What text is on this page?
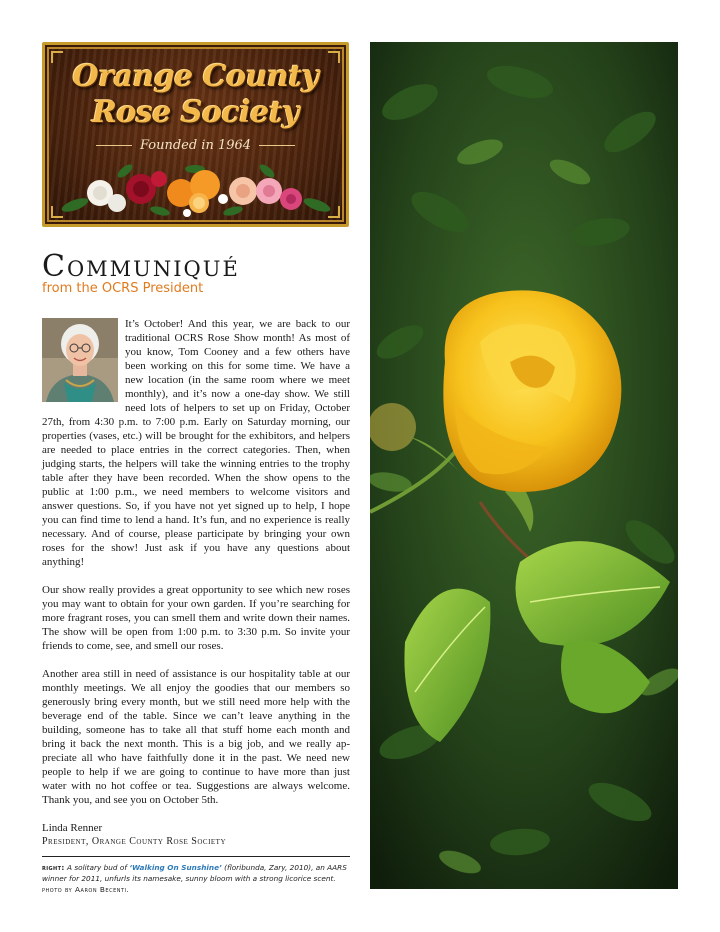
Orange County
Rose Society
Founded in 1964
Communiqué
from the OCRS President

It’s October! And this year, we are back to our traditional OCRS Rose Show month! As most of you know, Tom Cooney and a few others have been working on this for some time. We have a new location (in the same room where we meet monthly), and it’s now a one-day show. We still need lots of helpers to set up on Friday, October 27th, from 4:30 p.m. to 7:00 p.m. Early on Saturday morning, our properties (vases, etc.) will be brought for the exhibitors, and helpers are needed to place entries in the correct categories. Then, when judging starts, the helpers will take the winning entries to the trophy table after they have been recorded. When the show opens to the public at 1:00 p.m., we need members to welcome visitors and answer questions. So, if you have not yet signed up to help, I hope you can find time to lend a hand. It’s fun, and no experience is really necessary. And of course, please participate by bringing your own roses for the show! Just ask if you have any questions about anything!

Our show really provides a great opportunity to see which new roses you may want to obtain for your own garden. If you’re searching for more fragrant roses, you can smell them and write down their names. The show will be open from 1:00 p.m. to 3:30 p.m. So invite your friends to come, see, and smell our roses.

Another area still in need of assistance is our hospitality table at our monthly meetings. We all enjoy the goodies that our members so generously bring every month, but we still need more help with the beverage end of the table. Since we can’t leave anything in the building, someone has to take all that stuff home each month and bring it back the next month. This is a big job, and we really appreciate all who have faithfully done it in the past. We need new people to help if we are going to continue to have more than just water with no hot coffee or tea. Suggestions are always welcome. Thank you, and see you on October 5th.

Linda Renner
President, Orange County Rose Society
right: A solitary bud of ‘Walking On Sunshine’ (floribunda, Zary, 2010), an AARS winner for 2011, unfurls its namesake, sunny bloom with a strong licorice scent.
photo by Aaron Becenti.
